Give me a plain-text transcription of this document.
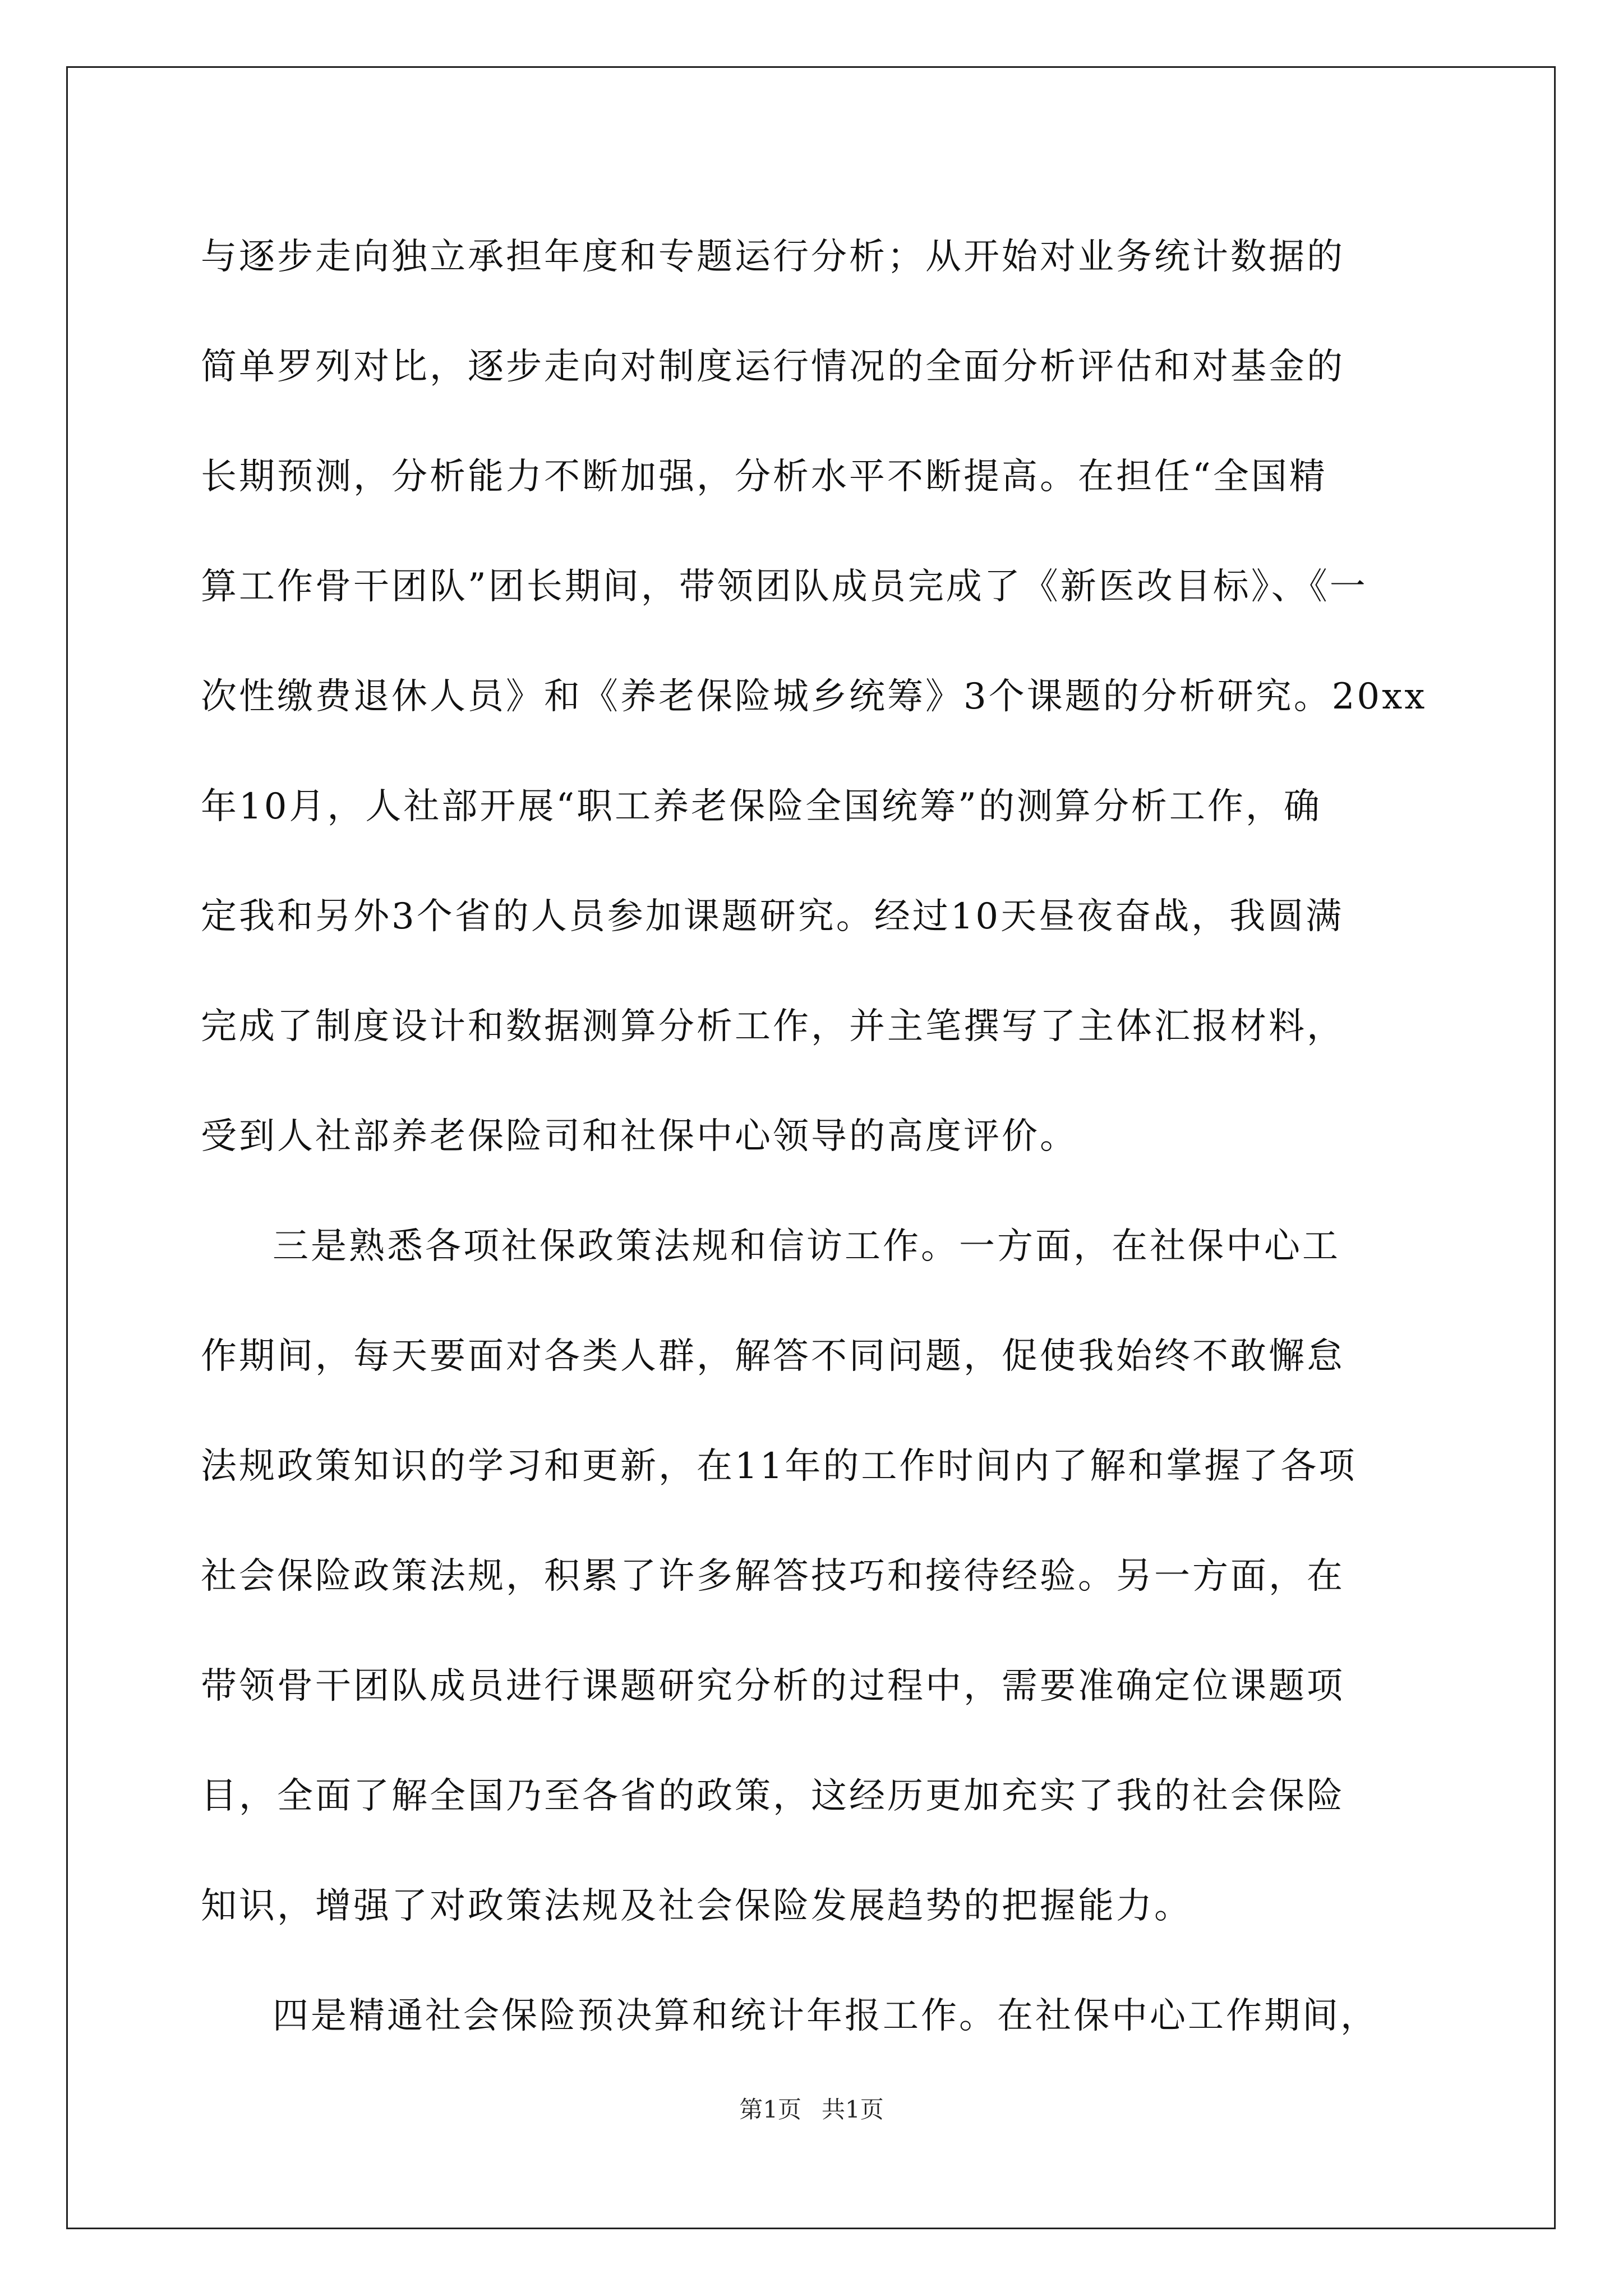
与逐步走向独立承担年度和专题运行分析；从开始对业务统计数据的
简单罗列对比，逐步走向对制度运行情况的全面分析评估和对基金的
长期预测，分析能力不断加强，分析水平不断提高。在担任“全国精
算工作骨干团队”团长期间，带领团队成员完成了《新医改目标》、《一
次性缴费退休人员》和《养老保险城乡统筹》3个课题的分析研究。20xx
年10月，人社部开展“职工养老保险全国统筹”的测算分析工作，确
定我和另外3个省的人员参加课题研究。经过10天昼夜奋战，我圆满
完成了制度设计和数据测算分析工作，并主笔撰写了主体汇报材料，
受到人社部养老保险司和社保中心领导的高度评价。
三是熟悉各项社保政策法规和信访工作。一方面，在社保中心工
作期间，每天要面对各类人群，解答不同问题，促使我始终不敢懈怠
法规政策知识的学习和更新，在11年的工作时间内了解和掌握了各项
社会保险政策法规，积累了许多解答技巧和接待经验。另一方面，在
带领骨干团队成员进行课题研究分析的过程中，需要准确定位课题项
目，全面了解全国乃至各省的政策，这经历更加充实了我的社会保险
知识，增强了对政策法规及社会保险发展趋势的把握能力。
四是精通社会保险预决算和统计年报工作。在社保中心工作期间，
第1页 共1页
